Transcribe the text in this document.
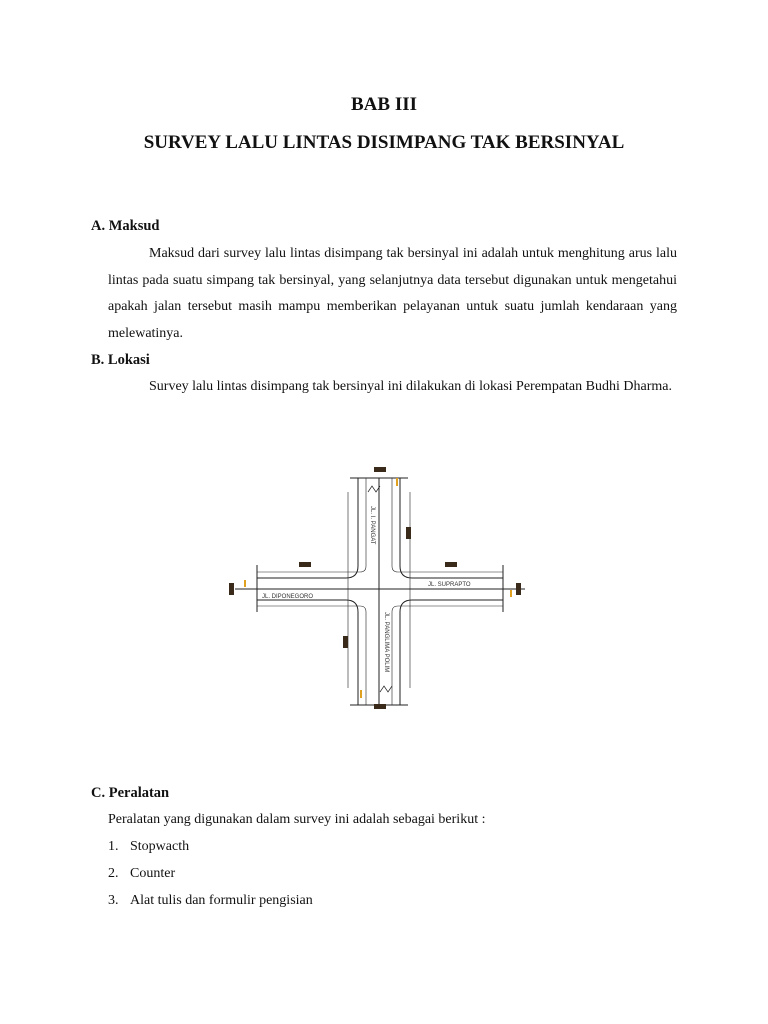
BAB III
SURVEY LALU LINTAS DISIMPANG TAK BERSINYAL
A. Maksud

Maksud dari survey lalu lintas disimpang tak bersinyal ini adalah untuk menghitung arus lalu lintas pada suatu simpang tak bersinyal, yang selanjutnya data tersebut digunakan untuk mengetahui apakah jalan tersebut masih mampu memberikan pelayanan untuk suatu jumlah kendaraan yang melewatinya.

B. Lokasi

Survey lalu lintas disimpang tak bersinyal ini dilakukan di lokasi Perempatan Budhi Dharma.

JL. I. PANGAT
JL. PANGLIMA POLIM
JL. DIPONEGORO
JL. SUPRAPTO
C. Peralatan
Peralatan yang digunakan dalam survey ini adalah sebagai berikut :
1. Stopwacth
2. Counter
3. Alat tulis dan formulir pengisian
